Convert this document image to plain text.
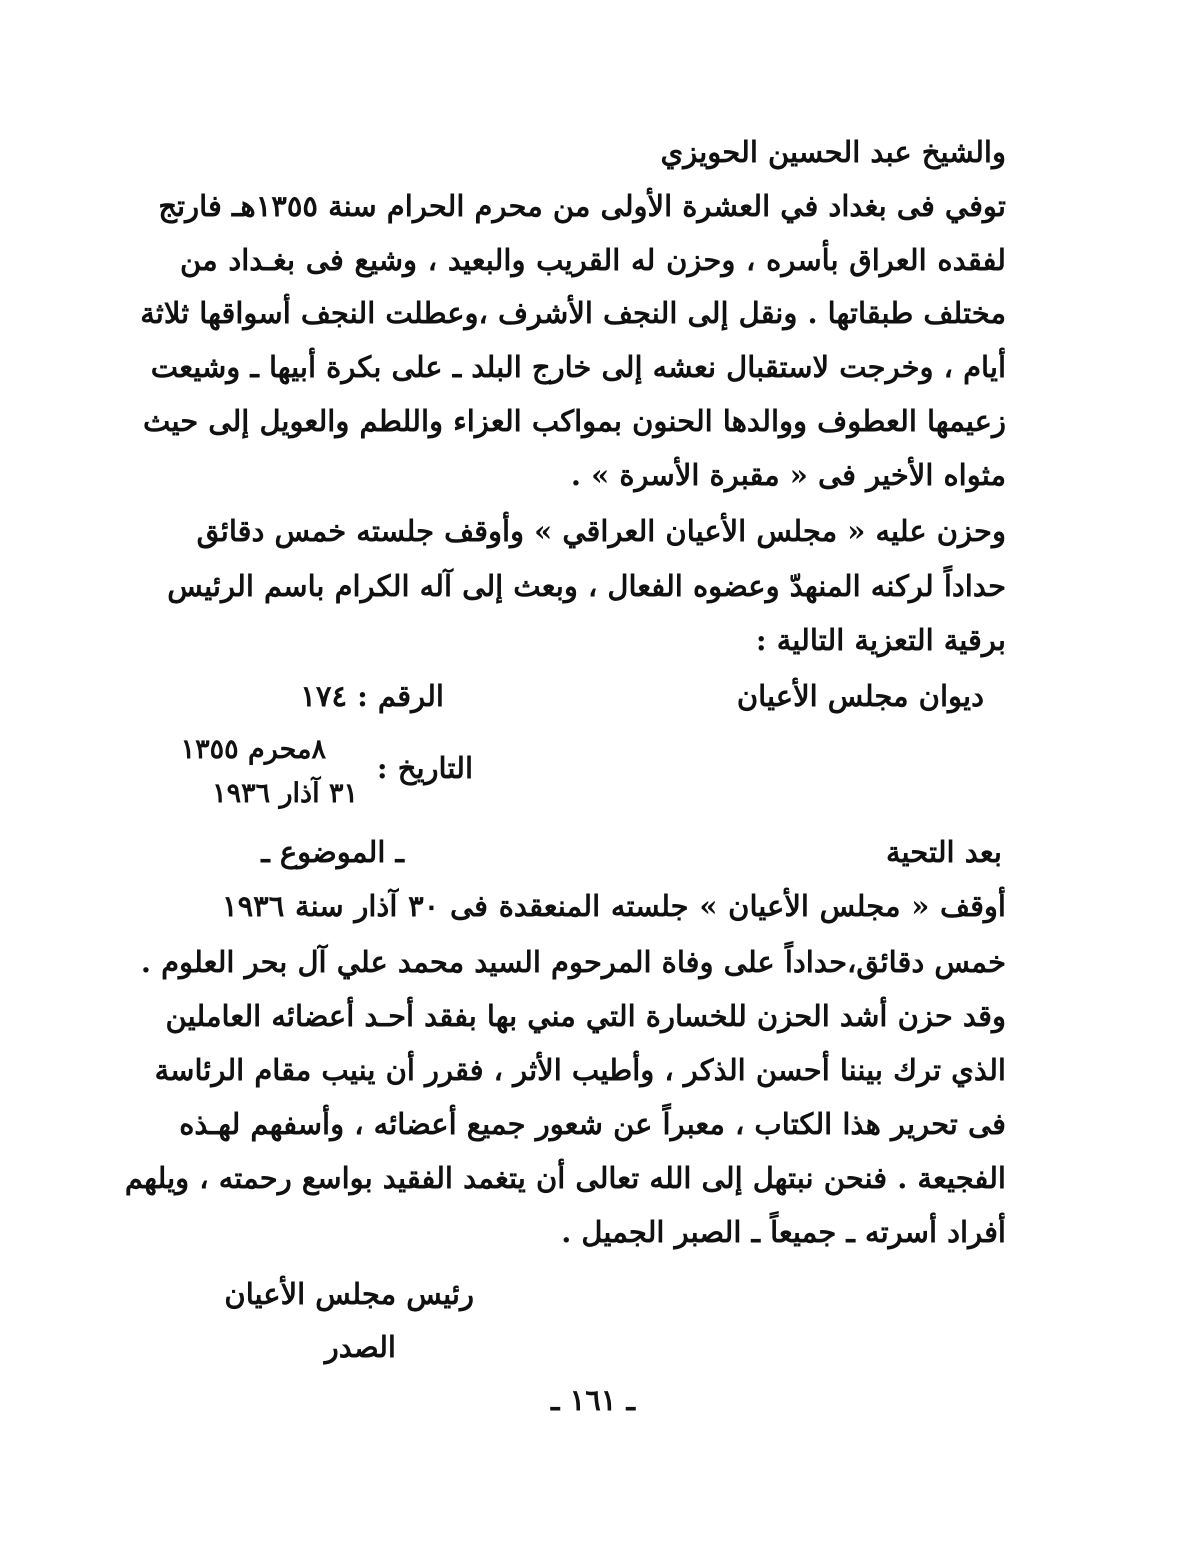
والشيخ عبد الحسين الحويزي
توفي فى بغداد في العشرة الأولى من محرم الحرام سنة ١٣٥٥هـ فارتج
لفقده العراق بأسره ، وحزن له القريب والبعيد ، وشيع فى بغـداد من
مختلف طبقاتها . ونقل إلى النجف الأشرف ،وعطلت النجف أسواقها ثلاثة
أيام ، وخرجت لاستقبال نعشه إلى خارج البلد ـ على بكرة أبيها ـ وشيعت
زعيمها العطوف ووالدها الحنون بمواكب العزاء واللطم والعويل إلى حيث
مثواه الأخير فى « مقبرة الأسرة » .
وحزن عليه « مجلس الأعيان العراقي » وأوقف جلسته خمس دقائق
حداداً لركنه المنهدّ وعضوه الفعال ، وبعث إلى آله الكرام باسم الرئيس
برقية التعزية التالية :
ديوان مجلس الأعيان
الرقم : ١٧٤
التاريخ :
٨محرم ١٣٥٥
٣١ آذار ١٩٣٦
بعد التحية
ـ الموضوع ـ
أوقف « مجلس الأعيان » جلسته المنعقدة فى ٣٠ آذار سنة ١٩٣٦
خمس دقائق،حداداً على وفاة المرحوم السيد محمد علي آل بحر العلوم .
وقد حزن أشد الحزن للخسارة التي مني بها بفقد أحـد أعضائه العاملين
الذي ترك بيننا أحسن الذكر ، وأطيب الأثر ، فقرر أن ينيب مقام الرئاسة
فى تحرير هذا الكتاب ، معبراً عن شعور جميع أعضائه ، وأسفهم لهـذه
الفجيعة . فنحن نبتهل إلى الله تعالى أن يتغمد الفقيد بواسع رحمته ، ويلهم
أفراد أسرته ـ جميعاً ـ الصبر الجميل .
رئيس مجلس الأعيان
الصدر
ـ ١٦١ ـ
